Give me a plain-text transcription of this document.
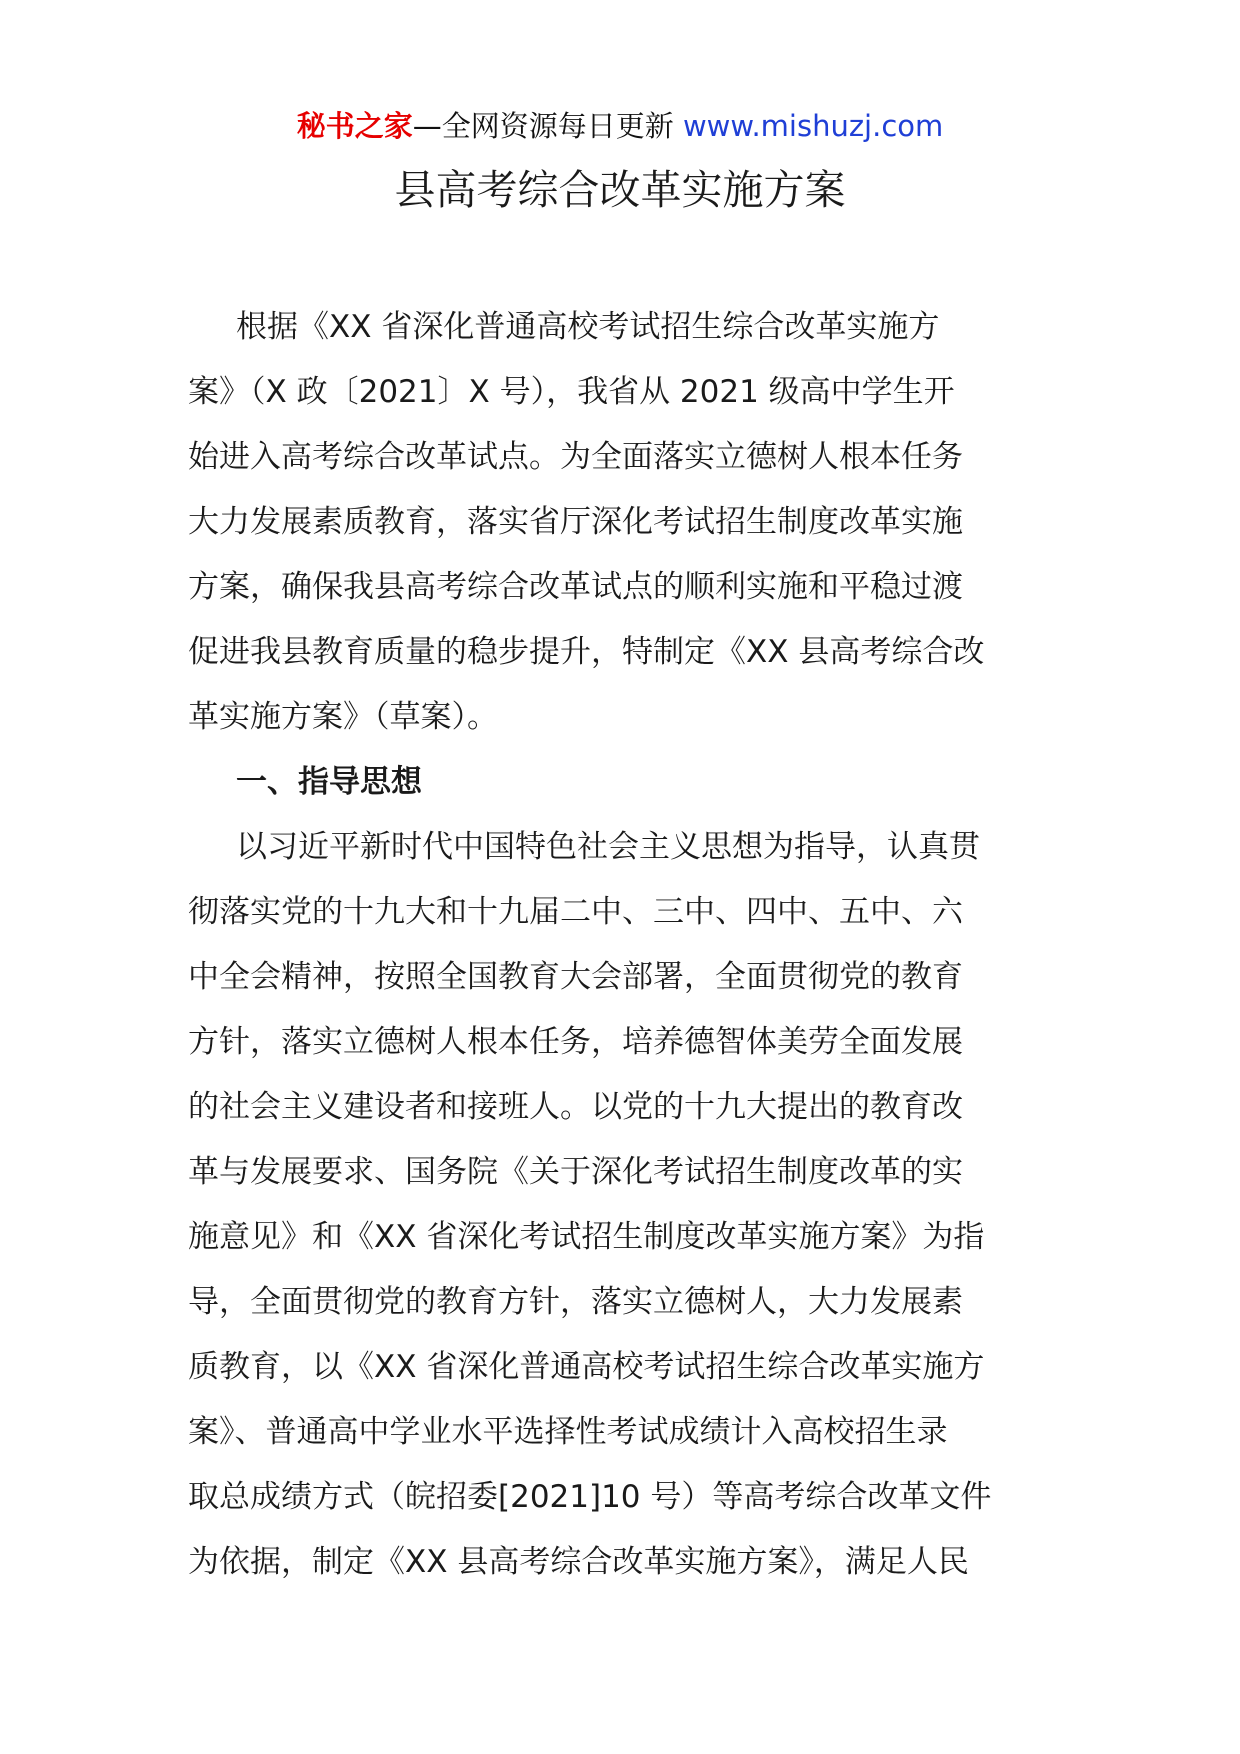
秘书之家—全网资源每日更新 www.mishuzj.com
县高考综合改革实施方案
根据《XX 省深化普通高校考试招生综合改革实施方
案》（X 政〔2021〕X 号），我省从 2021 级高中学生开
始进入高考综合改革试点。为全面落实立德树人根本任务
大力发展素质教育，落实省厅深化考试招生制度改革实施
方案，确保我县高考综合改革试点的顺利实施和平稳过渡
促进我县教育质量的稳步提升，特制定《XX 县高考综合改
革实施方案》（草案）。
一、指导思想
以习近平新时代中国特色社会主义思想为指导，认真贯
彻落实党的十九大和十九届二中、三中、四中、五中、六
中全会精神，按照全国教育大会部署，全面贯彻党的教育
方针，落实立德树人根本任务，培养德智体美劳全面发展
的社会主义建设者和接班人。以党的十九大提出的教育改
革与发展要求、国务院《关于深化考试招生制度改革的实
施意见》和《XX 省深化考试招生制度改革实施方案》为指
导，全面贯彻党的教育方针，落实立德树人，大力发展素
质教育，以《XX 省深化普通高校考试招生综合改革实施方
案》、普通高中学业水平选择性考试成绩计入高校招生录
取总成绩方式（皖招委[2021]10 号）等高考综合改革文件
为依据，制定《XX 县高考综合改革实施方案》，满足人民
